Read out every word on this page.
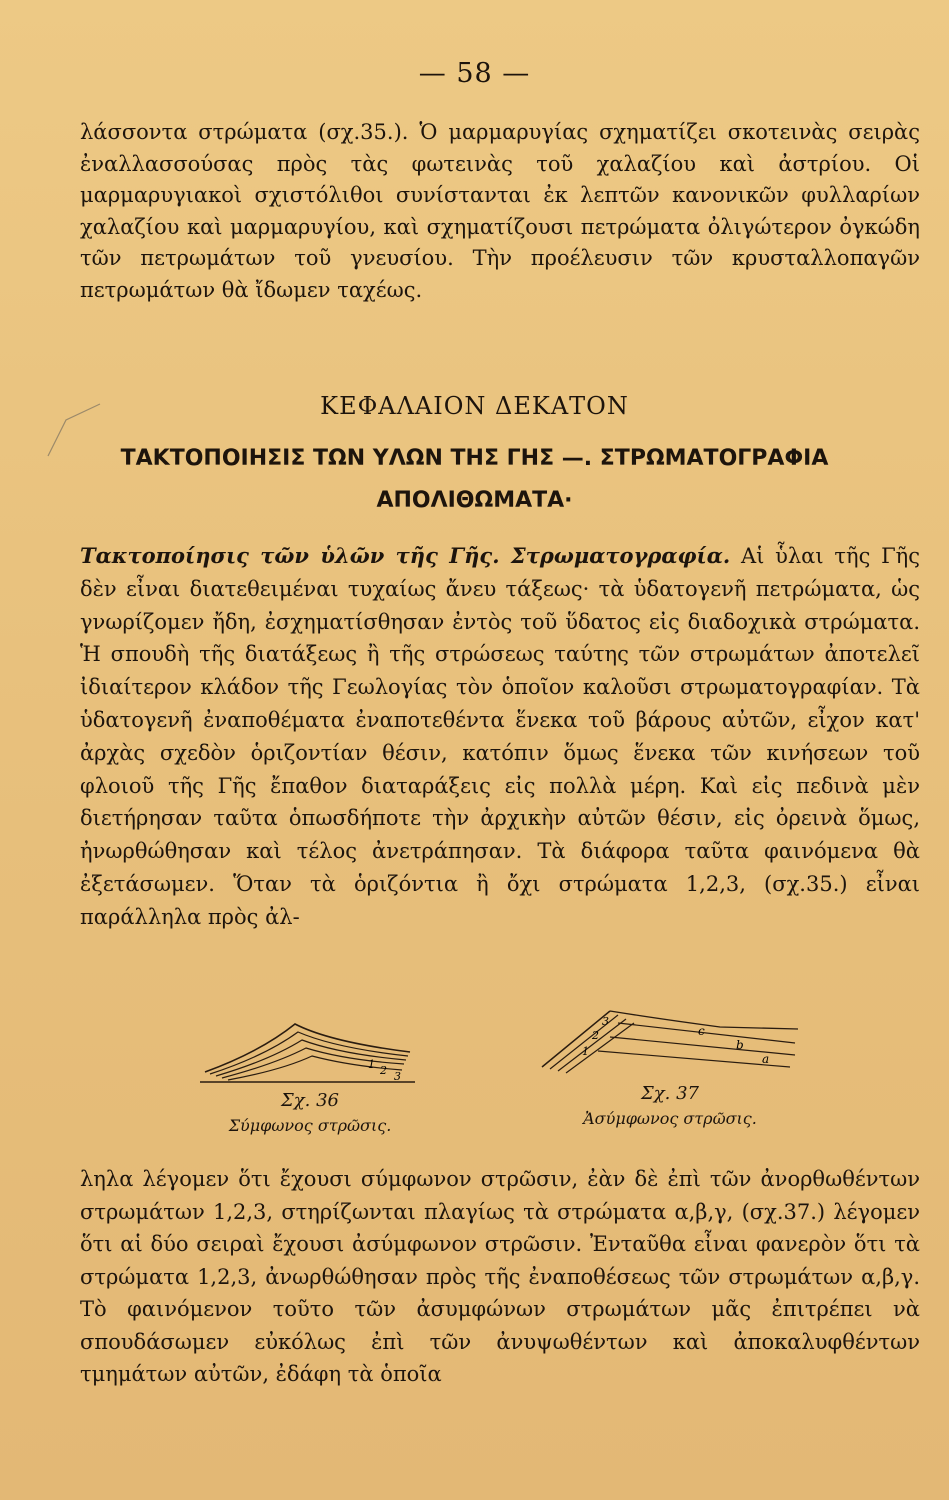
— 58 —

λάσσοντα στρώματα (σχ.35.). Ὁ μαρμαρυγίας σχηματίζει σκοτεινὰς σειρὰς ἐναλλασσούσας πρὸς τὰς φωτεινὰς τοῦ χαλαζίου καὶ ἀστρίου. Οἱ μαρμαρυγιακοὶ σχιστόλιθοι συνίστανται ἐκ λεπτῶν κανονικῶν φυλλαρίων χαλαζίου καὶ μαρμαρυγίου, καὶ σχηματίζουσι πετρώματα ὀλιγώτερον ὀγκώδη τῶν πετρωμάτων τοῦ γνευσίου. Τὴν προέλευσιν τῶν κρυσταλλοπαγῶν πετρωμάτων θὰ ἴδωμεν ταχέως.

ΚΕΦΑΛΑΙΟΝ ΔΕΚΑΤΟΝ
ΤΑΚΤΟΠΟΙΗΣΙΣ ΤΩΝ ΥΛΩΝ ΤΗΣ ΓΗΣ —. ΣΤΡΩΜΑΤΟΓΡΑΦΙΑ
ΑΠΟΛΙΘΩΜΑΤΑ·

Τακτοποίησις τῶν ὑλῶν τῆς Γῆς. Στρωματογραφία. Αἱ ὗλαι τῆς Γῆς δὲν εἶναι διατεθειμέναι τυχαίως ἄνευ τάξεως· τὰ ὑδατογενῆ πετρώματα, ὡς γνωρίζομεν ἤδη, ἐσχηματίσθησαν ἐντὸς τοῦ ὕδατος εἰς διαδοχικὰ στρώματα. Ἡ σπουδὴ τῆς διατάξεως ἢ τῆς στρώσεως ταύτης τῶν στρωμάτων ἀποτελεῖ ἰδιαίτερον κλάδον τῆς Γεωλογίας τὸν ὁποῖον καλοῦσι στρωματογραφίαν. Τὰ ὑδατογενῆ ἐναποθέματα ἐναποτεθέντα ἕνεκα τοῦ βάρους αὐτῶν, εἶχον κατ' ἀρχὰς σχεδὸν ὁριζοντίαν θέσιν, κατόπιν ὅμως ἕνεκα τῶν κινήσεων τοῦ φλοιοῦ τῆς Γῆς ἔπαθον διαταράξεις εἰς πολλὰ μέρη. Καὶ εἰς πεδινὰ μὲν διετήρησαν ταῦτα ὁπωσδήποτε τὴν ἀρχικὴν αὐτῶν θέσιν, εἰς ὀρεινὰ ὅμως, ἠνωρθώθησαν καὶ τέλος ἀνετράπησαν. Τὰ διάφορα ταῦτα φαινόμενα θὰ ἐξετάσωμεν. Ὅταν τὰ ὁριζόντια ἢ ὄχι στρώματα 1,2,3, (σχ.35.) εἶναι παράλληλα πρὸς ἀλ-

1 2 3
Σχ. 36
Σύμφωνος στρῶσις.
3
2
1
c
b
a
Σχ. 37
Ἀσύμφωνος στρῶσις.

ληλα λέγομεν ὅτι ἔχουσι σύμφωνον στρῶσιν, ἐὰν δὲ ἐπὶ τῶν ἀνορθωθέντων στρωμάτων 1,2,3, στηρίζωνται πλαγίως τὰ στρώματα α,β,γ, (σχ.37.) λέγομεν ὅτι αἱ δύο σειραὶ ἔχουσι ἀσύμφωνον στρῶσιν. Ἐνταῦθα εἶναι φανερὸν ὅτι τὰ στρώματα 1,2,3, ἀνωρθώθησαν πρὸς τῆς ἐναποθέσεως τῶν στρωμάτων α,β,γ. Τὸ φαινόμενον τοῦτο τῶν ἀσυμφώνων στρωμάτων μᾶς ἐπιτρέπει νὰ σπουδάσωμεν εὐκόλως ἐπὶ τῶν ἀνυψωθέντων καὶ ἀποκαλυφθέντων τμημάτων αὐτῶν, ἐδάφη τὰ ὁποῖα
